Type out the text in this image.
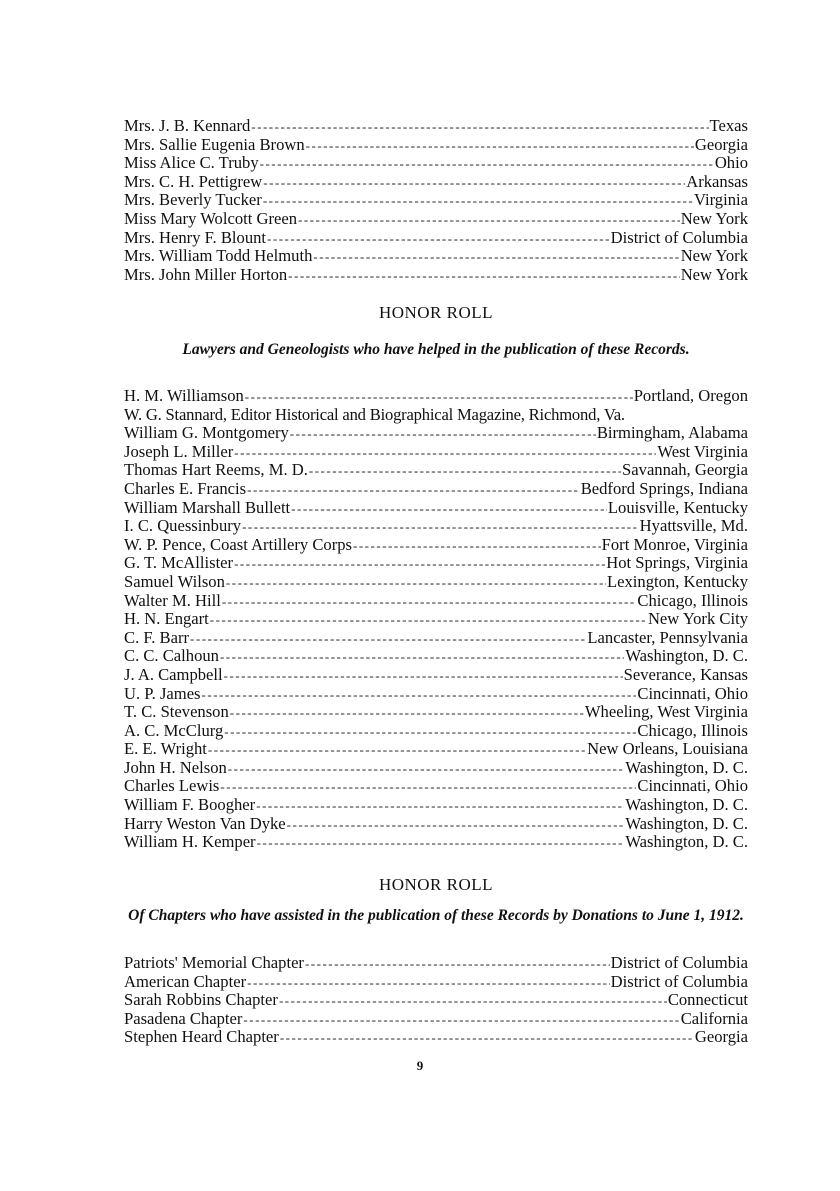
Mrs. J. B. Kennard -----	Texas
Mrs. Sallie Eugenia Brown -----	Georgia
Miss Alice C. Truby -----	Ohio
Mrs. C. H. Pettigrew -----	Arkansas
Mrs. Beverly Tucker -----	Virginia
Miss Mary Wolcott Green -----	New York
Mrs. Henry F. Blount -----	District of Columbia
Mrs. William Todd Helmuth -----	New York
Mrs. John Miller Horton -----	New York
HONOR ROLL
Lawyers and Geneologists who have helped in the publication of these Records.
H. M. Williamson -----	Portland, Oregon
W. G. Stannard, Editor Historical and Biographical Magazine, Richmond, Va.
William G. Montgomery -----	Birmingham, Alabama
Joseph L. Miller -----	West Virginia
Thomas Hart Reems, M. D. -----	Savannah, Georgia
Charles E. Francis -----	Bedford Springs, Indiana
William Marshall Bullett -----	Louisville, Kentucky
I. C. Quessinbury -----	Hyattsville, Md.
W. P. Pence, Coast Artillery Corps -----	Fort Monroe, Virginia
G. T. McAllister -----	Hot Springs, Virginia
Samuel Wilson -----	Lexington, Kentucky
Walter M. Hill -----	Chicago, Illinois
H. N. Engart -----	New York City
C. F. Barr -----	Lancaster, Pennsylvania
C. C. Calhoun -----	Washington, D. C.
J. A. Campbell -----	Severance, Kansas
U. P. James -----	Cincinnati, Ohio
T. C. Stevenson -----	Wheeling, West Virginia
A. C. McClurg -----	Chicago, Illinois
E. E. Wright -----	New Orleans, Louisiana
John H. Nelson -----	Washington, D. C.
Charles Lewis -----	Cincinnati, Ohio
William F. Boogher -----	Washington, D. C.
Harry Weston Van Dyke -----	Washington, D. C.
William H. Kemper -----	Washington, D. C.
HONOR ROLL
Of Chapters who have assisted in the publication of these Records by Donations to June 1, 1912.
Patriots' Memorial Chapter -----	District of Columbia
American Chapter -----	District of Columbia
Sarah Robbins Chapter -----	Connecticut
Pasadena Chapter -----	California
Stephen Heard Chapter -----	Georgia
9
